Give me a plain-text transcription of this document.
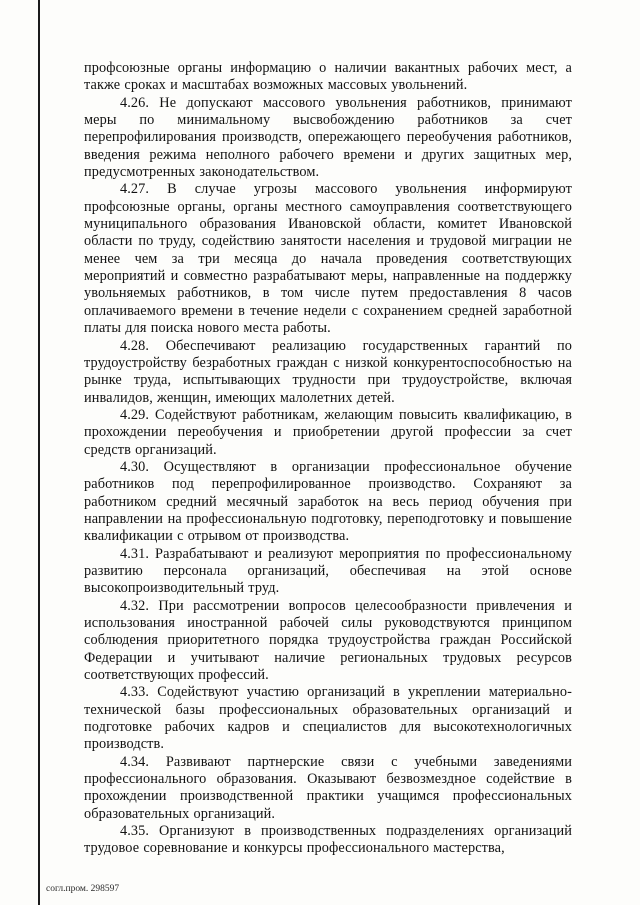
профсоюзные органы информацию о наличии вакантных рабочих мест, а также сроках и масштабах возможных массовых увольнений.

4.26. Не допускают массового увольнения работников, принимают меры по минимальному высвобождению работников за счет перепрофилирования производств, опережающего переобучения работников, введения режима неполного рабочего времени и других защитных мер, предусмотренных законодательством.

4.27. В случае угрозы массового увольнения информируют профсоюзные органы, органы местного самоуправления соответствующего муниципального образования Ивановской области, комитет Ивановской области по труду, содействию занятости населения и трудовой миграции не менее чем за три месяца до начала проведения соответствующих мероприятий и совместно разрабатывают меры, направленные на поддержку увольняемых работников, в том числе путем предоставления 8 часов оплачиваемого времени в течение недели с сохранением средней заработной платы для поиска нового места работы.

4.28. Обеспечивают реализацию государственных гарантий по трудоустройству безработных граждан с низкой конкурентоспособностью на рынке труда, испытывающих трудности при трудоустройстве, включая инвалидов, женщин, имеющих малолетних детей.

4.29. Содействуют работникам, желающим повысить квалификацию, в прохождении переобучения и приобретении другой профессии за счет средств организаций.

4.30. Осуществляют в организации профессиональное обучение работников под перепрофилированное производство. Сохраняют за работником средний месячный заработок на весь период обучения при направлении на профессиональную подготовку, переподготовку и повышение квалификации с отрывом от производства.

4.31. Разрабатывают и реализуют мероприятия по профессиональному развитию персонала организаций, обеспечивая на этой основе высокопроизводительный труд.

4.32. При рассмотрении вопросов целесообразности привлечения и использования иностранной рабочей силы руководствуются принципом соблюдения приоритетного порядка трудоустройства граждан Российской Федерации и учитывают наличие региональных трудовых ресурсов соответствующих профессий.

4.33. Содействуют участию организаций в укреплении материально-технической базы профессиональных образовательных организаций и подготовке рабочих кадров и специалистов для высокотехнологичных производств.

4.34. Развивают партнерские связи с учебными заведениями профессионального образования. Оказывают безвозмездное содействие в прохождении производственной практики учащимся профессиональных образовательных организаций.

4.35. Организуют в производственных подразделениях организаций трудовое соревнование и конкурсы профессионального мастерства,

согл.пром. 298597
